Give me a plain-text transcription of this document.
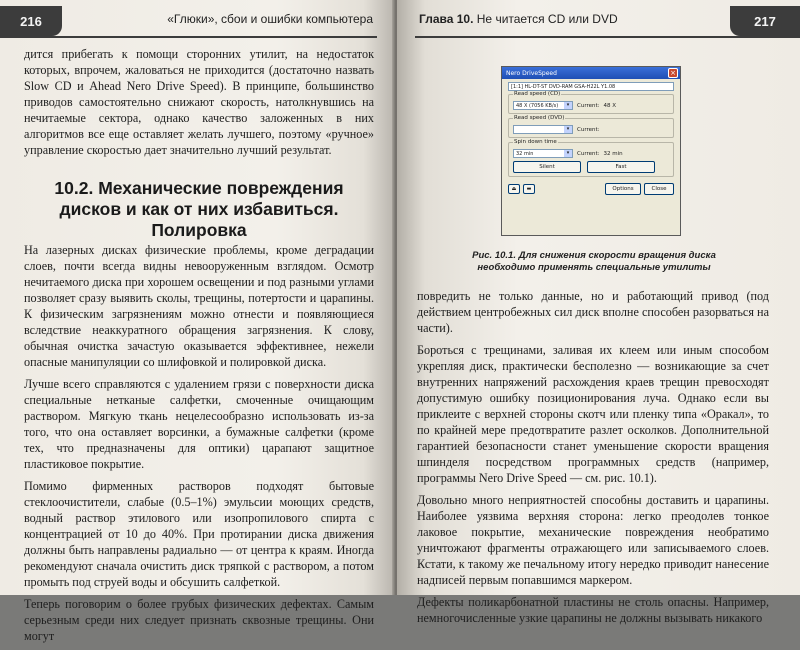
216	«Глюки», сбои и ошибки компьютера

дится прибегать к помощи сторонних утилит, на недостаток которых, впрочем, жаловаться не приходится (достаточно назвать Slow CD и Ahead Nero Drive Speed). В принципе, большинство приводов самостоятельно снижают скорость, натолкнувшись на нечитаемые сектора, однако качество заложенных в них алгоритмов все еще оставляет желать лучшего, поэтому «ручное» управление скоростью дает значительно лучший результат.

10.2. Механические повреждения дисков и как от них избавиться. Полировка

На лазерных дисках физические проблемы, кроме деградации слоев, почти всегда видны невооруженным взглядом. Осмотр нечитаемого диска при хорошем освещении и под разными углами позволяет сразу выявить сколы, трещины, потертости и царапины. К физическим загрязнениям можно отнести и появляющиеся вследствие неаккуратного обращения загрязнения. К слову, обычная очистка зачастую оказывается эффективнее, нежели опасные манипуляции со шлифовкой и полировкой диска.

Лучше всего справляются с удалением грязи с поверхности диска специальные нетканые салфетки, смоченные очищающим раствором. Мягкую ткань нецелесообразно использовать из-за того, что она оставляет ворсинки, а бумажные салфетки (кроме тех, что предназначены для оптики) царапают защитное пластиковое покрытие.

Помимо фирменных растворов подходят бытовые стеклоочистители, слабые (0.5–1%) эмульсии моющих средств, водный раствор этилового или изопропилового спирта с концентрацией от 10 до 40%. При протирании диска движения должны быть направлены радиально — от центра к краям. Иногда рекомендуют сначала очистить диск тряпкой с раствором, а потом промыть под струей воды и обсушить салфеткой.

Теперь поговорим о более грубых физических дефектах. Самым серьезным среди них следует признать сквозные трещины. Они могут

Глава 10. Не читается CD или DVD	217
Nero DriveSpeed	×
[1:1] HL-DT-ST DVD-RAM GSA-H22L Y1.08
Read speed (CD)
48 X (7056 KB/s)	▾	Current: 48 X
Read speed (DVD)
▾	Current:
Spin down time
32 min	▾	Current: 32 min
Silent	Fast
⏏	▬	Options	Close
Рис. 10.1. Для снижения скорости вращения диска необходимо применять специальные утилиты

повредить не только данные, но и работающий привод (под действием центробежных сил диск вполне способен разорваться на части).

Бороться с трещинами, заливая их клеем или иным способом укрепляя диск, практически бесполезно — возникающие за счет внутренних напряжений расхождения краев трещин превосходят допустимую ошибку позиционирования луча. Однако если вы приклеите с верхней стороны скотч или пленку типа «Оракал», то по крайней мере предотвратите разлет осколков. Дополнительной гарантией безопасности станет уменьшение скорости вращения шпинделя посредством программных средств (например, программы Nero Drive Speed — см. рис. 10.1).

Довольно много неприятностей способны доставить и царапины. Наиболее уязвима верхняя сторона: легко преодолев тонкое лаковое покрытие, механические повреждения необратимо уничтожают фрагменты отражающего или записываемого слоев. Кстати, к такому же печальному итогу нередко приводит нанесение надписей первым попавшимся маркером.

Дефекты поликарбонатной пластины не столь опасны. Например, немногочисленные узкие царапины не должны вызывать никакого
